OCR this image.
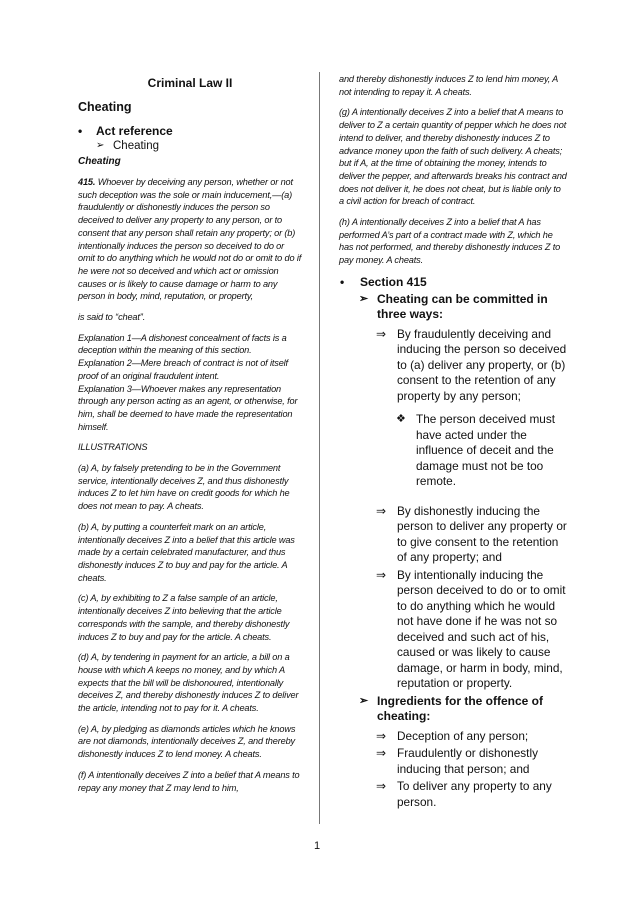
Criminal Law II
Cheating
• Act reference
➢ Cheating
Cheating

415. Whoever by deceiving any person, whether or not such deception was the sole or main inducement,—(a) fraudulently or dishonestly induces the person so deceived to deliver any property to any person, or to consent that any person shall retain any property; or (b) intentionally induces the person so deceived to do or omit to do anything which he would not do or omit to do if he were not so deceived and which act or omission causes or is likely to cause damage or harm to any person in body, mind, reputation, or property,

is said to “cheat”.

Explanation 1—A dishonest concealment of facts is a deception within the meaning of this section.

Explanation 2—Mere breach of contract is not of itself proof of an original fraudulent intent.

Explanation 3—Whoever makes any representation through any person acting as an agent, or otherwise, for him, shall be deemed to have made the representation himself.

ILLUSTRATIONS

(a) A, by falsely pretending to be in the Government service, intentionally deceives Z, and thus dishonestly induces Z to let him have on credit goods for which he does not mean to pay. A cheats.

(b) A, by putting a counterfeit mark on an article, intentionally deceives Z into a belief that this article was made by a certain celebrated manufacturer, and thus dishonestly induces Z to buy and pay for the article. A cheats.

(c) A, by exhibiting to Z a false sample of an article, intentionally deceives Z into believing that the article corresponds with the sample, and thereby dishonestly induces Z to buy and pay for the article. A cheats.

(d) A, by tendering in payment for an article, a bill on a house with which A keeps no money, and by which A expects that the bill will be dishonoured, intentionally deceives Z, and thereby dishonestly induces Z to deliver the article, intending not to pay for it. A cheats.

(e) A, by pledging as diamonds articles which he knows are not diamonds, intentionally deceives Z, and thereby dishonestly induces Z to lend money. A cheats.

(f) A intentionally deceives Z into a belief that A means to repay any money that Z may lend to him,

and thereby dishonestly induces Z to lend him money, A not intending to repay it. A cheats.

(g) A intentionally deceives Z into a belief that A means to deliver to Z a certain quantity of pepper which he does not intend to deliver, and thereby dishonestly induces Z to advance money upon the faith of such delivery. A cheats; but if A, at the time of obtaining the money, intends to deliver the pepper, and afterwards breaks his contract and does not deliver it, he does not cheat, but is liable only to a civil action for breach of contract.

(h) A intentionally deceives Z into a belief that A has performed A’s part of a contract made with Z, which he has not performed, and thereby dishonestly induces Z to pay money. A cheats.

• Section 415
➢ Cheating can be committed in three ways:
⇒ By fraudulently deceiving and inducing the person so deceived to (a) deliver any property, or (b) consent to the retention of any property by any person;
❖ The person deceived must have acted under the influence of deceit and the damage must not be too remote.
⇒ By dishonestly inducing the person to deliver any property or to give consent to the retention of any property; and
⇒ By intentionally inducing the person deceived to do or to omit to do anything which he would not have done if he was not so deceived and such act of his, caused or was likely to cause damage, or harm in body, mind, reputation or property.
➢ Ingredients for the offence of cheating:
⇒ Deception of any person;
⇒ Fraudulently or dishonestly inducing that person; and
⇒ To deliver any property to any person.
1
